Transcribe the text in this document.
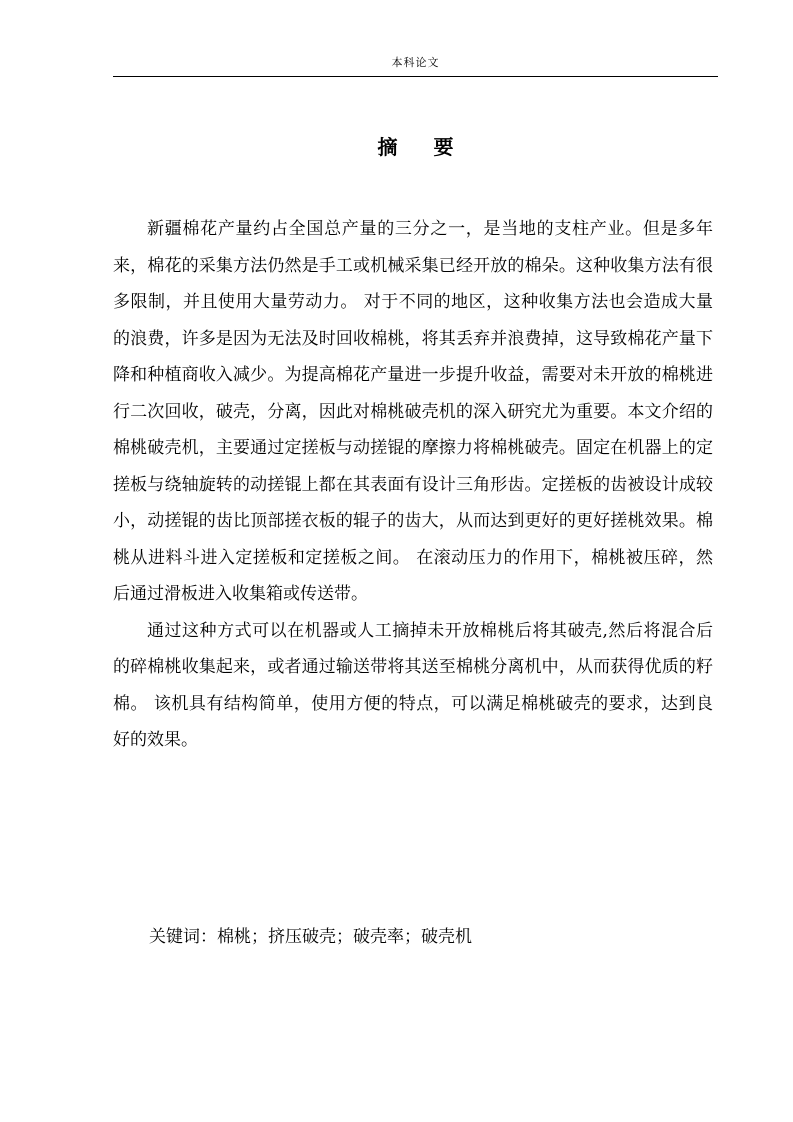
本科论文
摘 要

新疆棉花产量约占全国总产量的三分之一，是当地的支柱产业。但是多年来，棉花的采集方法仍然是手工或机械采集已经开放的棉朵。这种收集方法有很多限制，并且使用大量劳动力。 对于不同的地区，这种收集方法也会造成大量的浪费，许多是因为无法及时回收棉桃，将其丢弃并浪费掉，这导致棉花产量下降和种植商收入减少。为提高棉花产量进一步提升收益，需要对未开放的棉桃进行二次回收，破壳，分离，因此对棉桃破壳机的深入研究尤为重要。本文介绍的棉桃破壳机，主要通过定搓板与动搓锟的摩擦力将棉桃破壳。固定在机器上的定搓板与绕轴旋转的动搓锟上都在其表面有设计三角形齿。定搓板的齿被设计成较小，动搓锟的齿比顶部搓衣板的辊子的齿大，从而达到更好的更好搓桃效果。棉桃从进料斗进入定搓板和定搓板之间。 在滚动压力的作用下，棉桃被压碎，然后通过滑板进入收集箱或传送带。

通过这种方式可以在机器或人工摘掉未开放棉桃后将其破壳,然后将混合后的碎棉桃收集起来，或者通过输送带将其送至棉桃分离机中，从而获得优质的籽棉。 该机具有结构简单，使用方便的特点，可以满足棉桃破壳的要求，达到良好的效果。

关键词：棉桃；挤压破壳；破壳率；破壳机
